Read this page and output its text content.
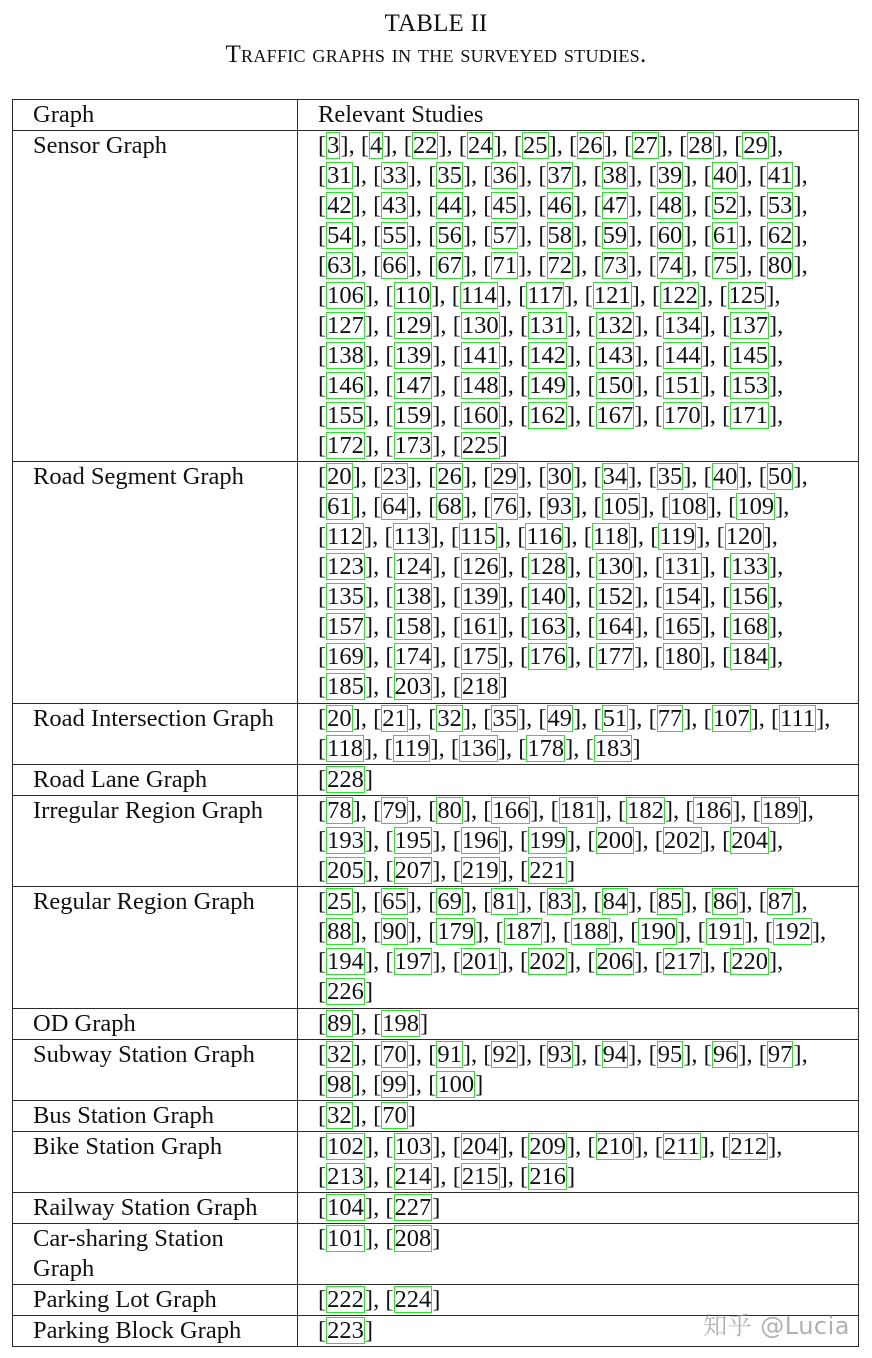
TABLE II
Traffic graphs in the surveyed studies.
Graph	Relevant Studies
Sensor Graph	[3], [4], [22], [24], [25], [26], [27], [28], [29], [31], [33], [35], [36], [37], [38], [39], [40], [41], [42], [43], [44], [45], [46], [47], [48], [52], [53], [54], [55], [56], [57], [58], [59], [60], [61], [62], [63], [66], [67], [71], [72], [73], [74], [75], [80], [106], [110], [114], [117], [121], [122], [125], [127], [129], [130], [131], [132], [134], [137], [138], [139], [141], [142], [143], [144], [145], [146], [147], [148], [149], [150], [151], [153], [155], [159], [160], [162], [167], [170], [171], [172], [173], [225]
Road Segment Graph	[20], [23], [26], [29], [30], [34], [35], [40], [50], [61], [64], [68], [76], [93], [105], [108], [109], [112], [113], [115], [116], [118], [119], [120], [123], [124], [126], [128], [130], [131], [133], [135], [138], [139], [140], [152], [154], [156], [157], [158], [161], [163], [164], [165], [168], [169], [174], [175], [176], [177], [180], [184], [185], [203], [218]
Road Intersection Graph	[20], [21], [32], [35], [49], [51], [77], [107], [111], [118], [119], [136], [178], [183]
Road Lane Graph	[228]
Irregular Region Graph	[78], [79], [80], [166], [181], [182], [186], [189], [193], [195], [196], [199], [200], [202], [204], [205], [207], [219], [221]
Regular Region Graph	[25], [65], [69], [81], [83], [84], [85], [86], [87], [88], [90], [179], [187], [188], [190], [191], [192], [194], [197], [201], [202], [206], [217], [220], [226]
OD Graph	[89], [198]
Subway Station Graph	[32], [70], [91], [92], [93], [94], [95], [96], [97], [98], [99], [100]
Bus Station Graph	[32], [70]
Bike Station Graph	[102], [103], [204], [209], [210], [211], [212], [213], [214], [215], [216]
Railway Station Graph	[104], [227]
Car-sharing Station Graph	[101], [208]
Parking Lot Graph	[222], [224]
Parking Block Graph	[223]	知乎 @Lucia
